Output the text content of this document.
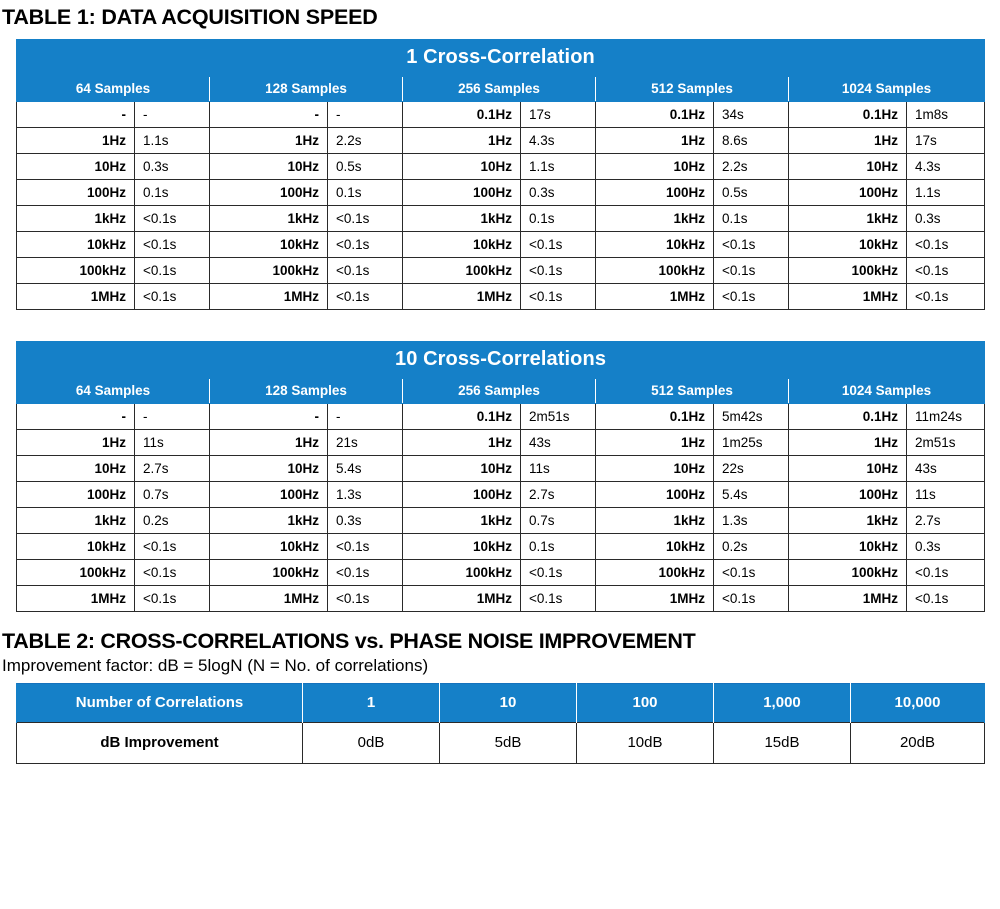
TABLE 1: DATA ACQUISITION SPEED
1 Cross-Correlation									
64 Samples		128 Samples		256 Samples		512 Samples		1024 Samples	
-	-	-	-	0.1Hz	17s	0.1Hz	34s	0.1Hz	1m8s
1Hz	1.1s	1Hz	2.2s	1Hz	4.3s	1Hz	8.6s	1Hz	17s
10Hz	0.3s	10Hz	0.5s	10Hz	1.1s	10Hz	2.2s	10Hz	4.3s
100Hz	0.1s	100Hz	0.1s	100Hz	0.3s	100Hz	0.5s	100Hz	1.1s
1kHz	<0.1s	1kHz	<0.1s	1kHz	0.1s	1kHz	0.1s	1kHz	0.3s
10kHz	<0.1s	10kHz	<0.1s	10kHz	<0.1s	10kHz	<0.1s	10kHz	<0.1s
100kHz	<0.1s	100kHz	<0.1s	100kHz	<0.1s	100kHz	<0.1s	100kHz	<0.1s
1MHz	<0.1s	1MHz	<0.1s	1MHz	<0.1s	1MHz	<0.1s	1MHz	<0.1s
10 Cross-Correlations									
64 Samples		128 Samples		256 Samples		512 Samples		1024 Samples	
-	-	-	-	0.1Hz	2m51s	0.1Hz	5m42s	0.1Hz	11m24s
1Hz	11s	1Hz	21s	1Hz	43s	1Hz	1m25s	1Hz	2m51s
10Hz	2.7s	10Hz	5.4s	10Hz	11s	10Hz	22s	10Hz	43s
100Hz	0.7s	100Hz	1.3s	100Hz	2.7s	100Hz	5.4s	100Hz	11s
1kHz	0.2s	1kHz	0.3s	1kHz	0.7s	1kHz	1.3s	1kHz	2.7s
10kHz	<0.1s	10kHz	<0.1s	10kHz	0.1s	10kHz	0.2s	10kHz	0.3s
100kHz	<0.1s	100kHz	<0.1s	100kHz	<0.1s	100kHz	<0.1s	100kHz	<0.1s
1MHz	<0.1s	1MHz	<0.1s	1MHz	<0.1s	1MHz	<0.1s	1MHz	<0.1s
TABLE 2: CROSS-CORRELATIONS vs. PHASE NOISE IMPROVEMENT
Improvement factor: dB = 5logN (N = No. of correlations)
Number of Correlations	1	10	100	1,000	10,000
dB Improvement	0dB	5dB	10dB	15dB	20dB
